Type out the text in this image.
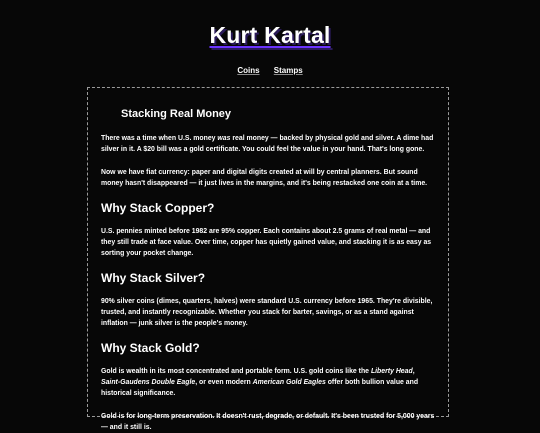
Kurt Kartal
Coins Stamps
Stacking Real Money

There was a time when U.S. money was real money — backed by physical gold and silver. A dime had silver in it. A $20 bill was a gold certificate. You could feel the value in your hand. That's long gone.

Now we have fiat currency: paper and digital digits created at will by central planners. But sound money hasn't disappeared — it just lives in the margins, and it's being restacked one coin at a time.

Why Stack Copper?

U.S. pennies minted before 1982 are 95% copper. Each contains about 2.5 grams of real metal — and they still trade at face value. Over time, copper has quietly gained value, and stacking it is as easy as sorting your pocket change.

Why Stack Silver?

90% silver coins (dimes, quarters, halves) were standard U.S. currency before 1965. They're divisible, trusted, and instantly recognizable. Whether you stack for barter, savings, or as a stand against inflation — junk silver is the people's money.

Why Stack Gold?

Gold is wealth in its most concentrated and portable form. U.S. gold coins like the Liberty Head, Saint-Gaudens Double Eagle, or even modern American Gold Eagles offer both bullion value and historical significance.

Gold is for long-term preservation. It doesn't rust, degrade, or default. It's been trusted for 5,000 years — and it still is.
